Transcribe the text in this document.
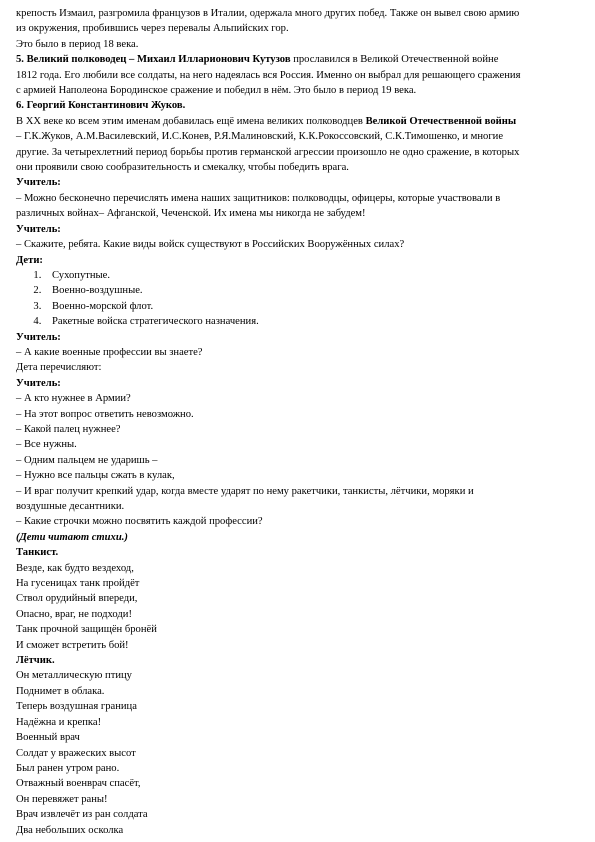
крепость Измаил, разгромила французов в Италии, одержала много других побед. Также он вывел свою армию

из окружения, пробившись через перевалы Альпийских гор.

Это было в период 18 века.

5. Великий полководец – Михаил Илларионович Кутузов прославился в Великой Отечественной войне

1812 года. Его любили все солдаты, на него надеялась вся Россия. Именно он выбрал для решающего сражения

с армией Наполеона Бородинское сражение и победил в нём. Это было в период 19 века.

6. Георгий Константинович Жуков.

В XX веке ко всем этим именам добавилась ещё имена великих полководцев Великой Отечественной войны

– Г.К.Жуков, А.М.Василевский, И.С.Конев, Р.Я.Малиновский, К.К.Рокоссовский, С.К.Тимошенко, и многие

другие. За четырехлетний период борьбы против германской агрессии произошло не одно сражение, в которых

они проявили свою сообразительность и смекалку, чтобы победить врага.

Учитель:

– Можно бесконечно перечислять имена наших защитников: полководцы, офицеры, которые участвовали в

различных войнах– Афганской, Чеченской. Их имена мы никогда не забудем!

Учитель:

– Скажите, ребята. Какие виды войск существуют в Российских Вооружённых силах?

Дети:

1. Сухопутные.
2. Военно-воздушные.
3. Военно-морской флот.
4. Ракетные войска стратегического назначения.

Учитель:

– А какие военные профессии вы знаете?

Дета перечисляют:

Учитель:

– А кто нужнее в Армии?

– На этот вопрос ответить невозможно.

– Какой палец нужнее?

– Все нужны.

– Одним пальцем не ударишь –

– Нужно все пальцы сжать в кулак,

– И враг получит крепкий удар, когда вместе ударят по нему ракетчики, танкисты, лётчики, моряки и

воздушные десантники.

– Какие строчки можно посвятить каждой профессии?

(Дети читают стихи.)

Танкист.

Везде, как будто вездеход,

На гусеницах танк пройдёт

Ствол орудийный впереди,

Опасно, враг, не подходи!

Танк прочной защищён бронёй

И сможет встретить бой!

Лётчик.

Он металлическую птицу

Поднимет в облака.

Теперь воздушная граница

Надёжна и крепка!

Военный врач

Солдат у вражеских высот

Был ранен утром рано.

Отважный военврач спасёт,

Он перевяжет раны!

Врач извлечёт из ран солдата

Два небольших осколка
